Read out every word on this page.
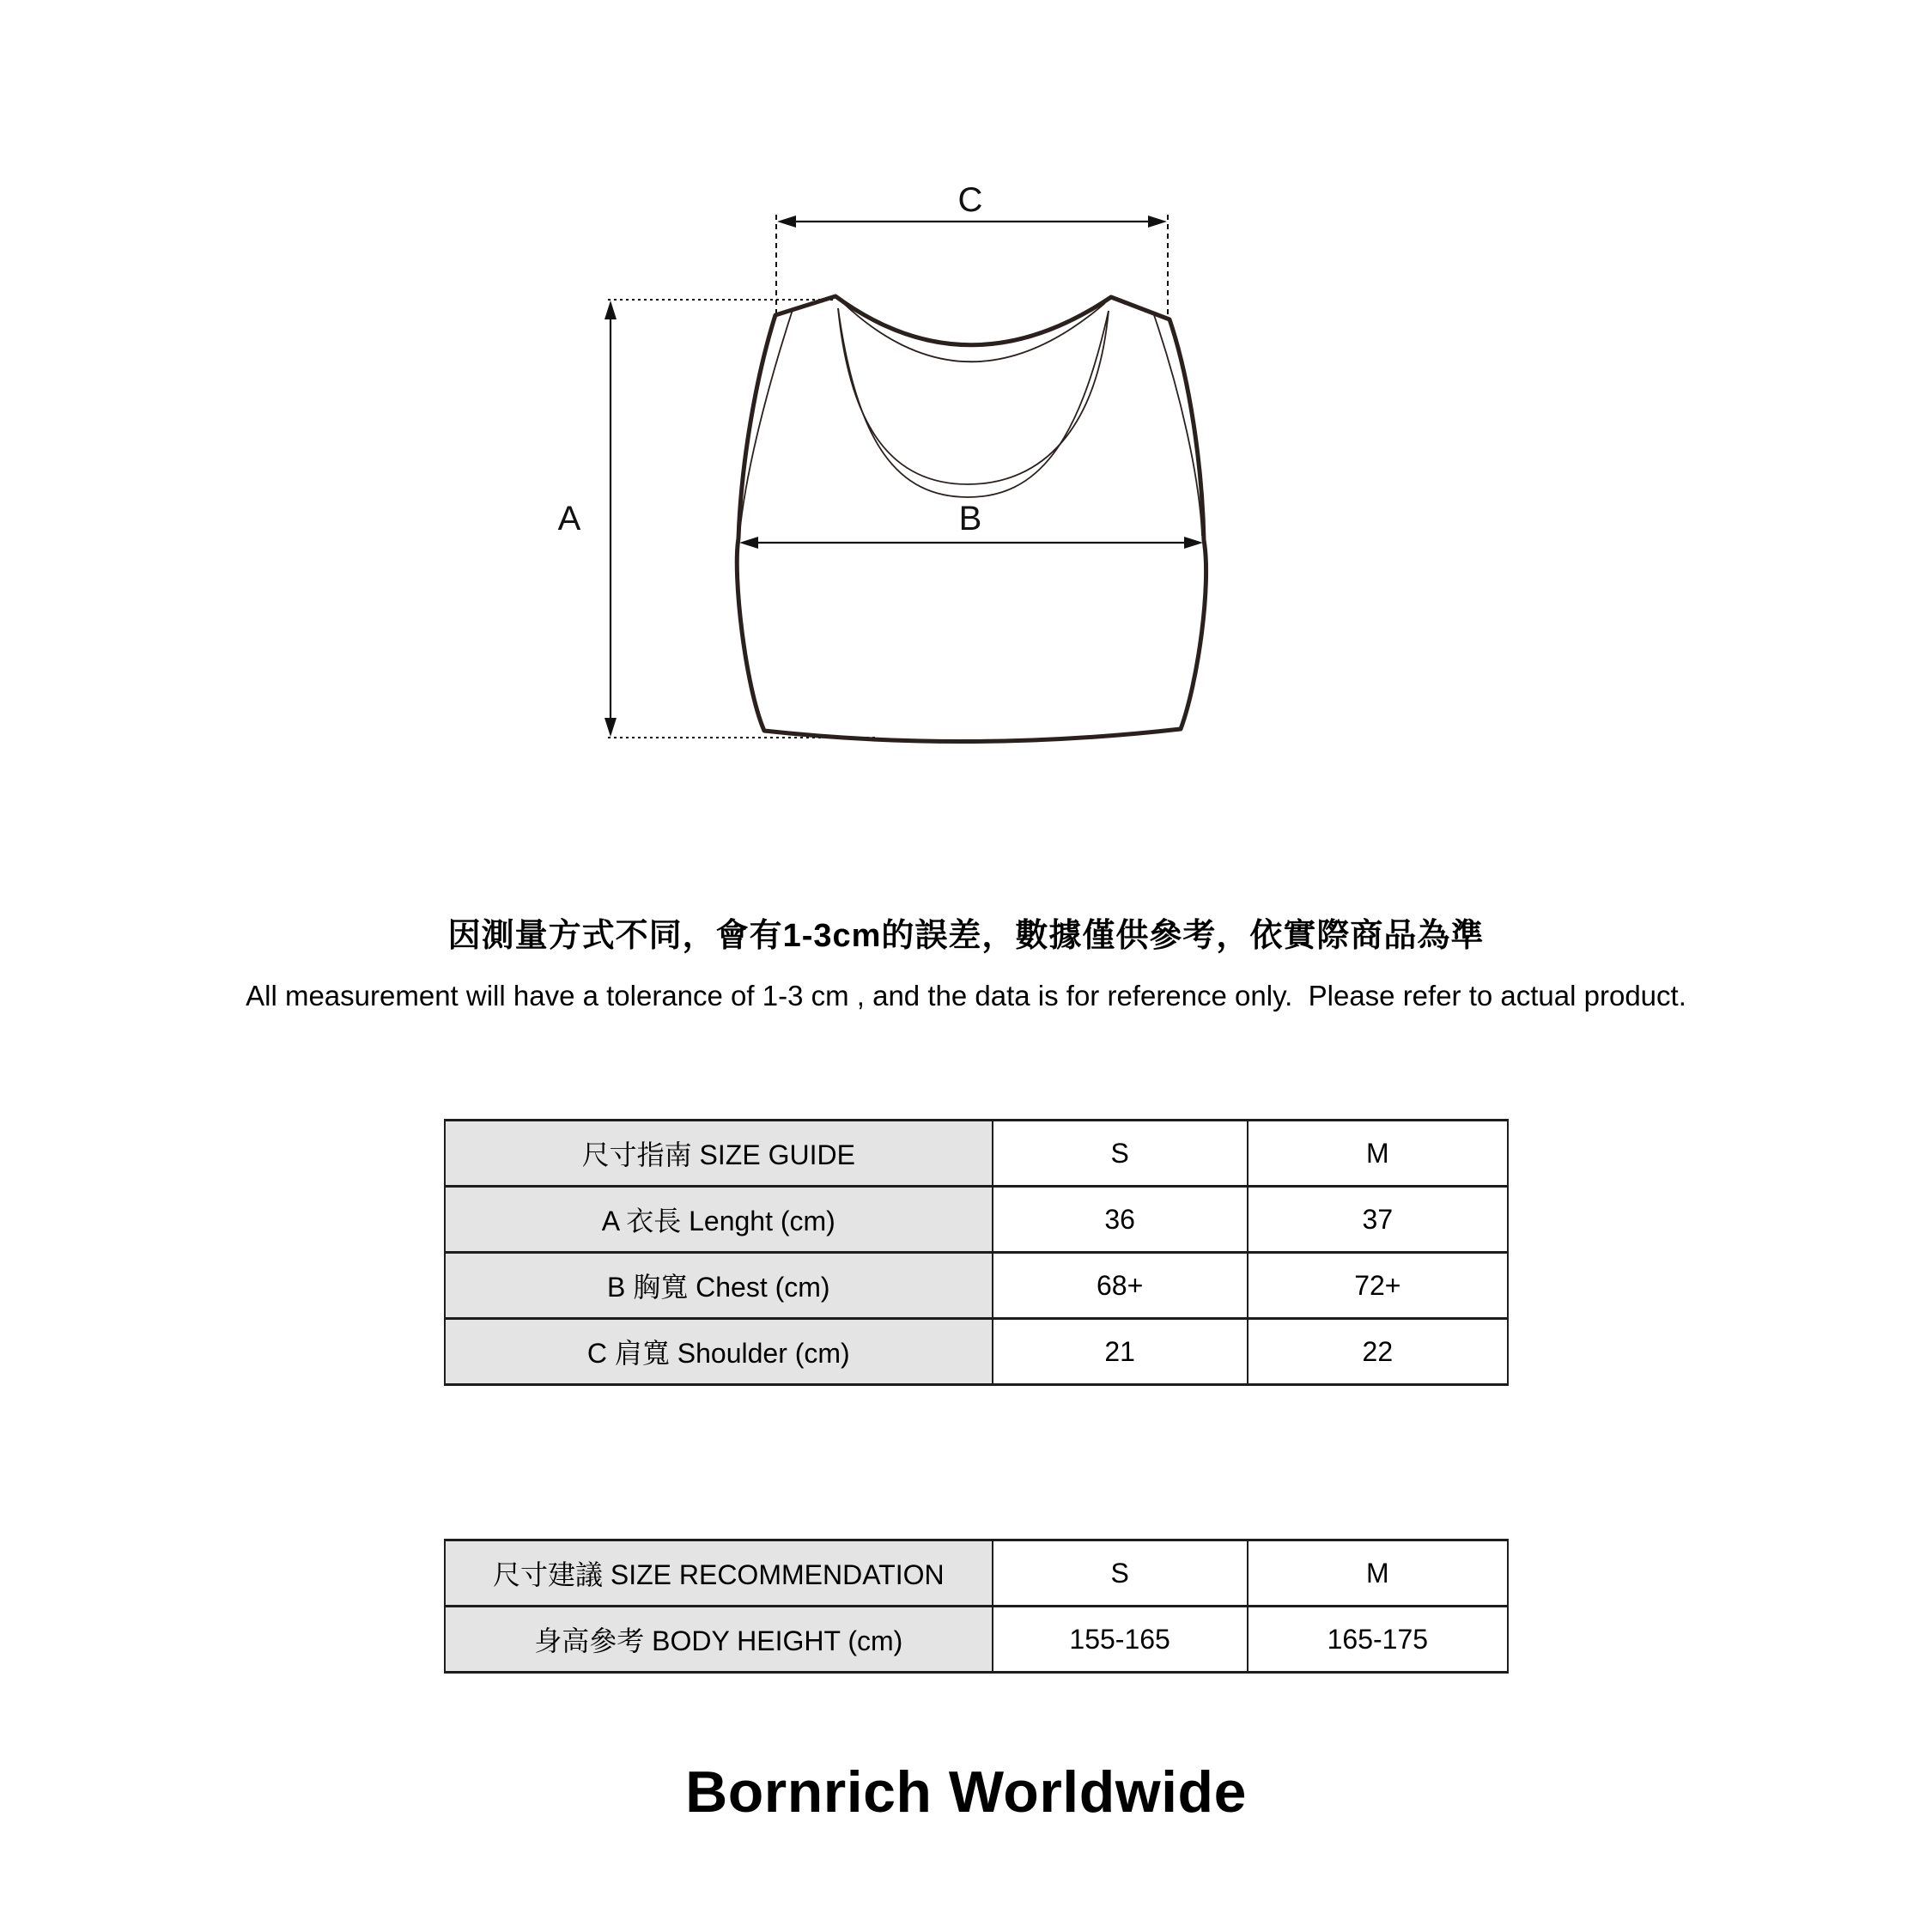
C
A	B
因測量方式不同，會有1-3cm的誤差，數據僅供參考，依實際商品為準
All measurement will have a tolerance of 1-3 cm , and the data is for reference only.  Please refer to actual product.
尺寸指南 SIZE GUIDE	S	M
A 衣長 Lenght (cm)	36	37
B 胸寬 Chest (cm)	68+	72+
C 肩寬 Shoulder (cm)	21	22
尺寸建議 SIZE RECOMMENDATION	S	M
身高參考 BODY HEIGHT (cm)	155-165	165-175
Bornrich Worldwide
